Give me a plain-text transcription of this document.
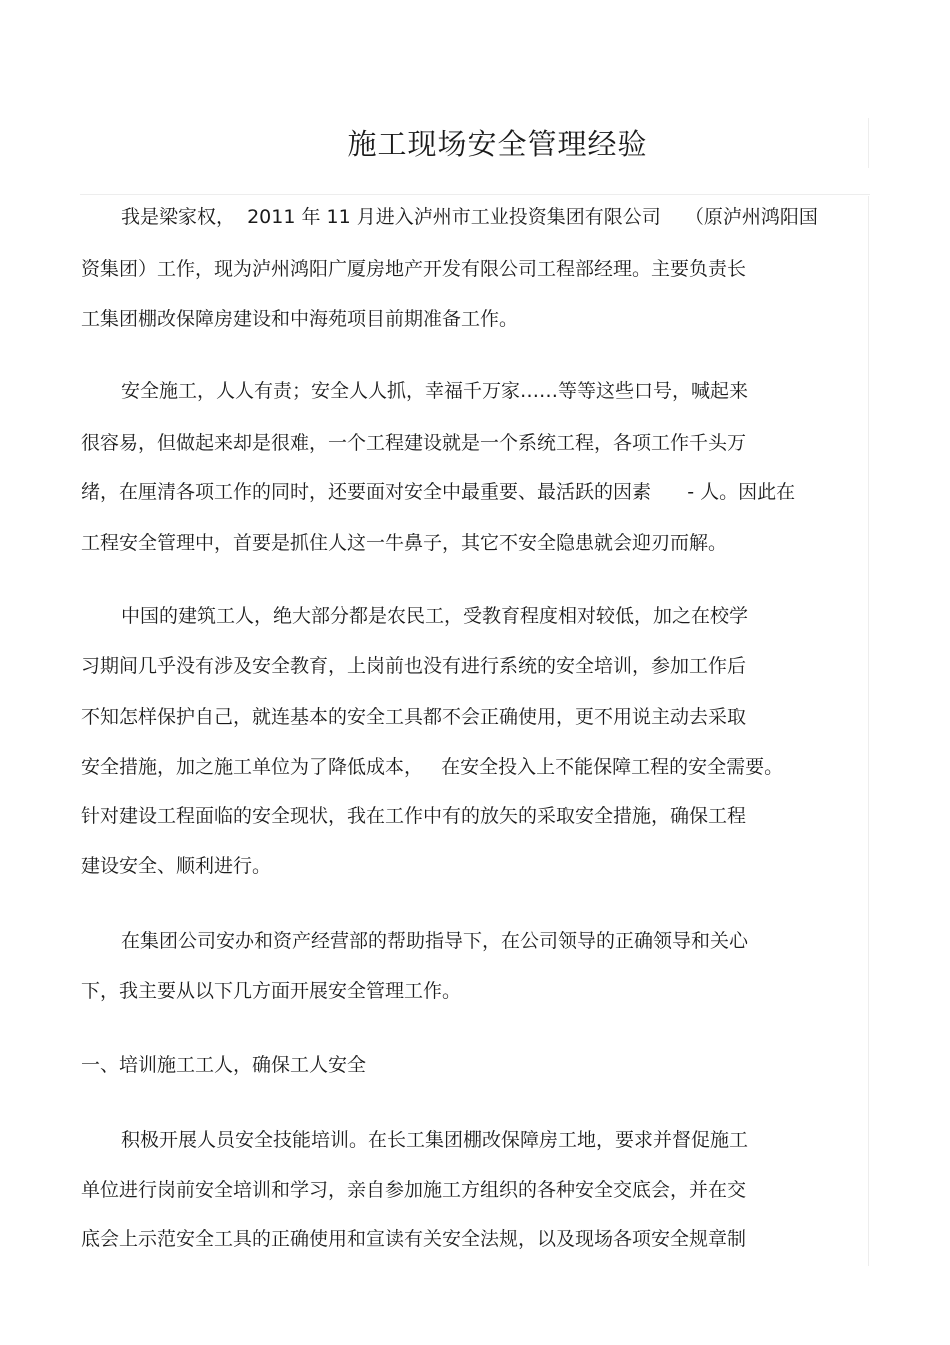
施工现场安全管理经验
我是梁家权，  2011 年 11 月进入泸州市工业投资集团有限公司    （原泸州鸿阳国
资集团）工作，现为泸州鸿阳广厦房地产开发有限公司工程部经理。主要负责长
工集团棚改保障房建设和中海苑项目前期准备工作。
安全施工，人人有责；安全人人抓，幸福千万家……等等这些口号，喊起来
很容易，但做起来却是很难，一个工程建设就是一个系统工程，各项工作千头万
绪，在厘清各项工作的同时，还要面对安全中最重要、最活跃的因素      - 人。因此在
工程安全管理中，首要是抓住人这一牛鼻子，其它不安全隐患就会迎刃而解。
中国的建筑工人，绝大部分都是农民工，受教育程度相对较低，加之在校学
习期间几乎没有涉及安全教育，上岗前也没有进行系统的安全培训，参加工作后
不知怎样保护自己，就连基本的安全工具都不会正确使用，更不用说主动去采取
安全措施，加之施工单位为了降低成本，   在安全投入上不能保障工程的安全需要。
针对建设工程面临的安全现状，我在工作中有的放矢的采取安全措施，确保工程
建设安全、顺利进行。
在集团公司安办和资产经营部的帮助指导下，在公司领导的正确领导和关心
下，我主要从以下几方面开展安全管理工作。
一、培训施工工人，确保工人安全
积极开展人员安全技能培训。在长工集团棚改保障房工地，要求并督促施工
单位进行岗前安全培训和学习，亲自参加施工方组织的各种安全交底会，并在交
底会上示范安全工具的正确使用和宣读有关安全法规，以及现场各项安全规章制
